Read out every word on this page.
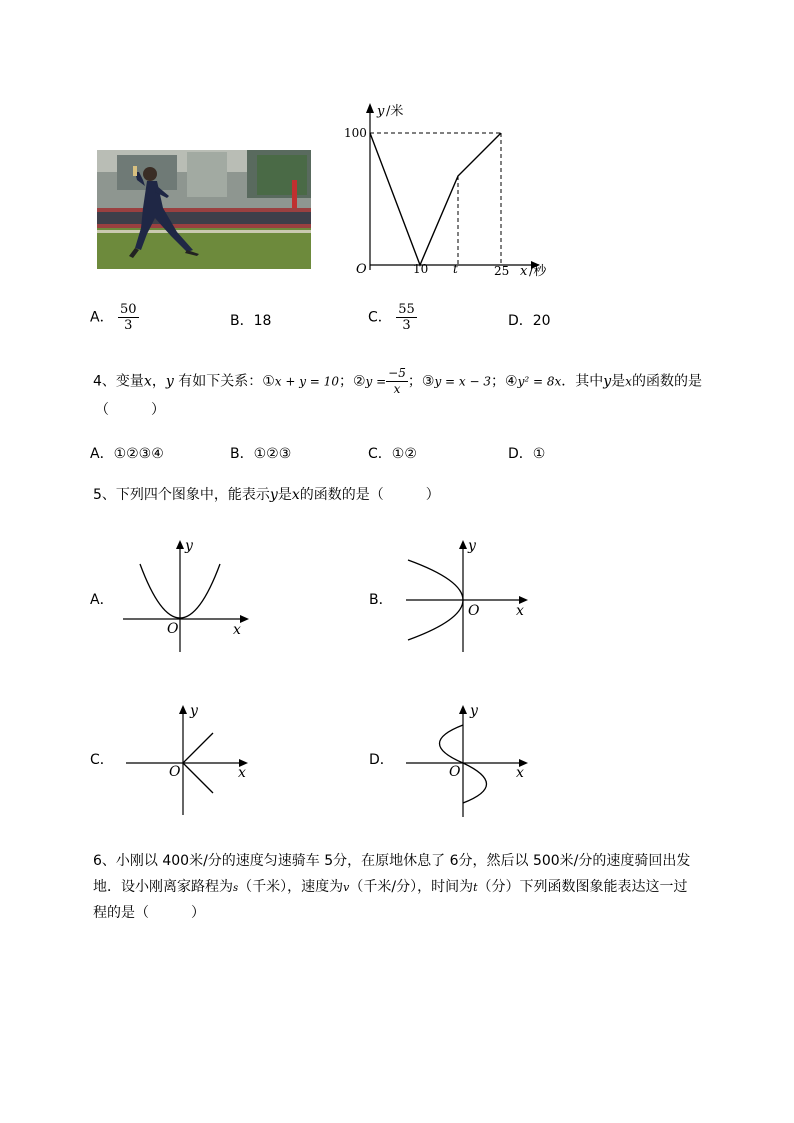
y /米
100
O	10 t	25 x /秒
A． $\frac{50}{3}$	B．18	C． $\frac{55}{3}$	D．20
4、变量x，y 有如下关系：①x + y = 10；②y = $\frac{-5}{x}$ ；③y = x − 3；④y² = 8x．其中y是x的函数的是
（　　　）
A．①②③④	B．①②③	C．①②	D．①
5、下列四个图象中，能表示y是x的函数的是（　　　）
A．
y
x
O
B．
y
x
O
C．
y
x
O
D．
y
x
O
6、小刚以 400米/分的速度匀速骑车 5分，在原地休息了 6分，然后以 500米/分的速度骑回出发
地．设小刚离家路程为s（千米），速度为v（千米/分），时间为t（分）下列函数图象能表达这一过
程的是（　　　）
